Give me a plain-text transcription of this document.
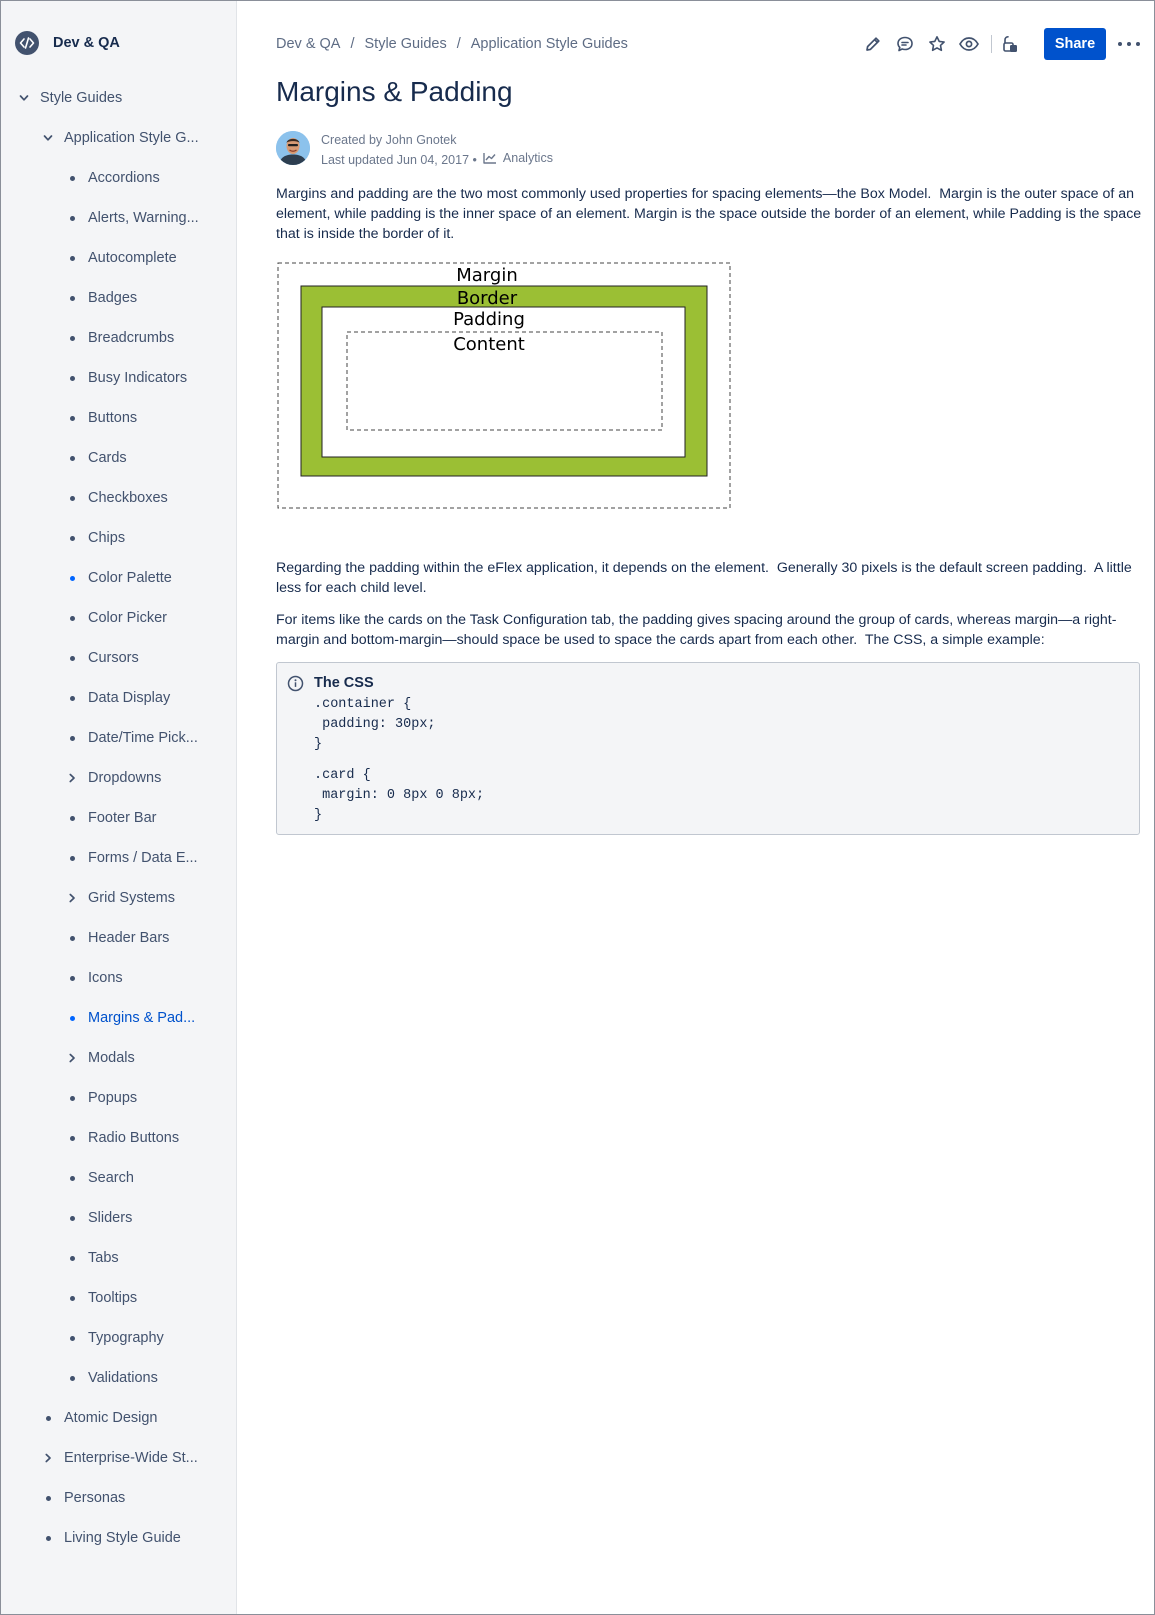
Dev & QA
Style Guides
Application Style G...
Accordions
Alerts, Warning...
Autocomplete
Badges
Breadcrumbs
Busy Indicators
Buttons
Cards
Checkboxes
Chips
Color Palette
Color Picker
Cursors
Data Display
Date/Time Pick...
Dropdowns
Footer Bar
Forms / Data E...
Grid Systems
Header Bars
Icons
Margins & Pad...
Modals
Popups
Radio Buttons
Search
Sliders
Tabs
Tooltips
Typography
Validations
Atomic Design
Enterprise-Wide St...
Personas
Living Style Guide
Dev & QA / Style Guides / Application Style Guides	Share
Margins & Padding
Created by John Gnotek
Last updated Jun 04, 2017 • Analytics

Margins and padding are the two most commonly used properties for spacing elements—the Box Model.  Margin is the outer space of an element, while padding is the inner space of an element. Margin is the space outside the border of an element, while Padding is the space that is inside the border of it.

Margin
Border
Padding
Content

Regarding the padding within the eFlex application, it depends on the element.  Generally 30 pixels is the default screen padding.  A little less for each child level.

For items like the cards on the Task Configuration tab, the padding gives spacing around the group of cards, whereas margin—a right-margin and bottom-margin—should space be used to space the cards apart from each other.  The CSS, a simple example:

The CSS
.container {
padding: 30px;
}
.card {
margin: 0 8px 0 8px;
}
